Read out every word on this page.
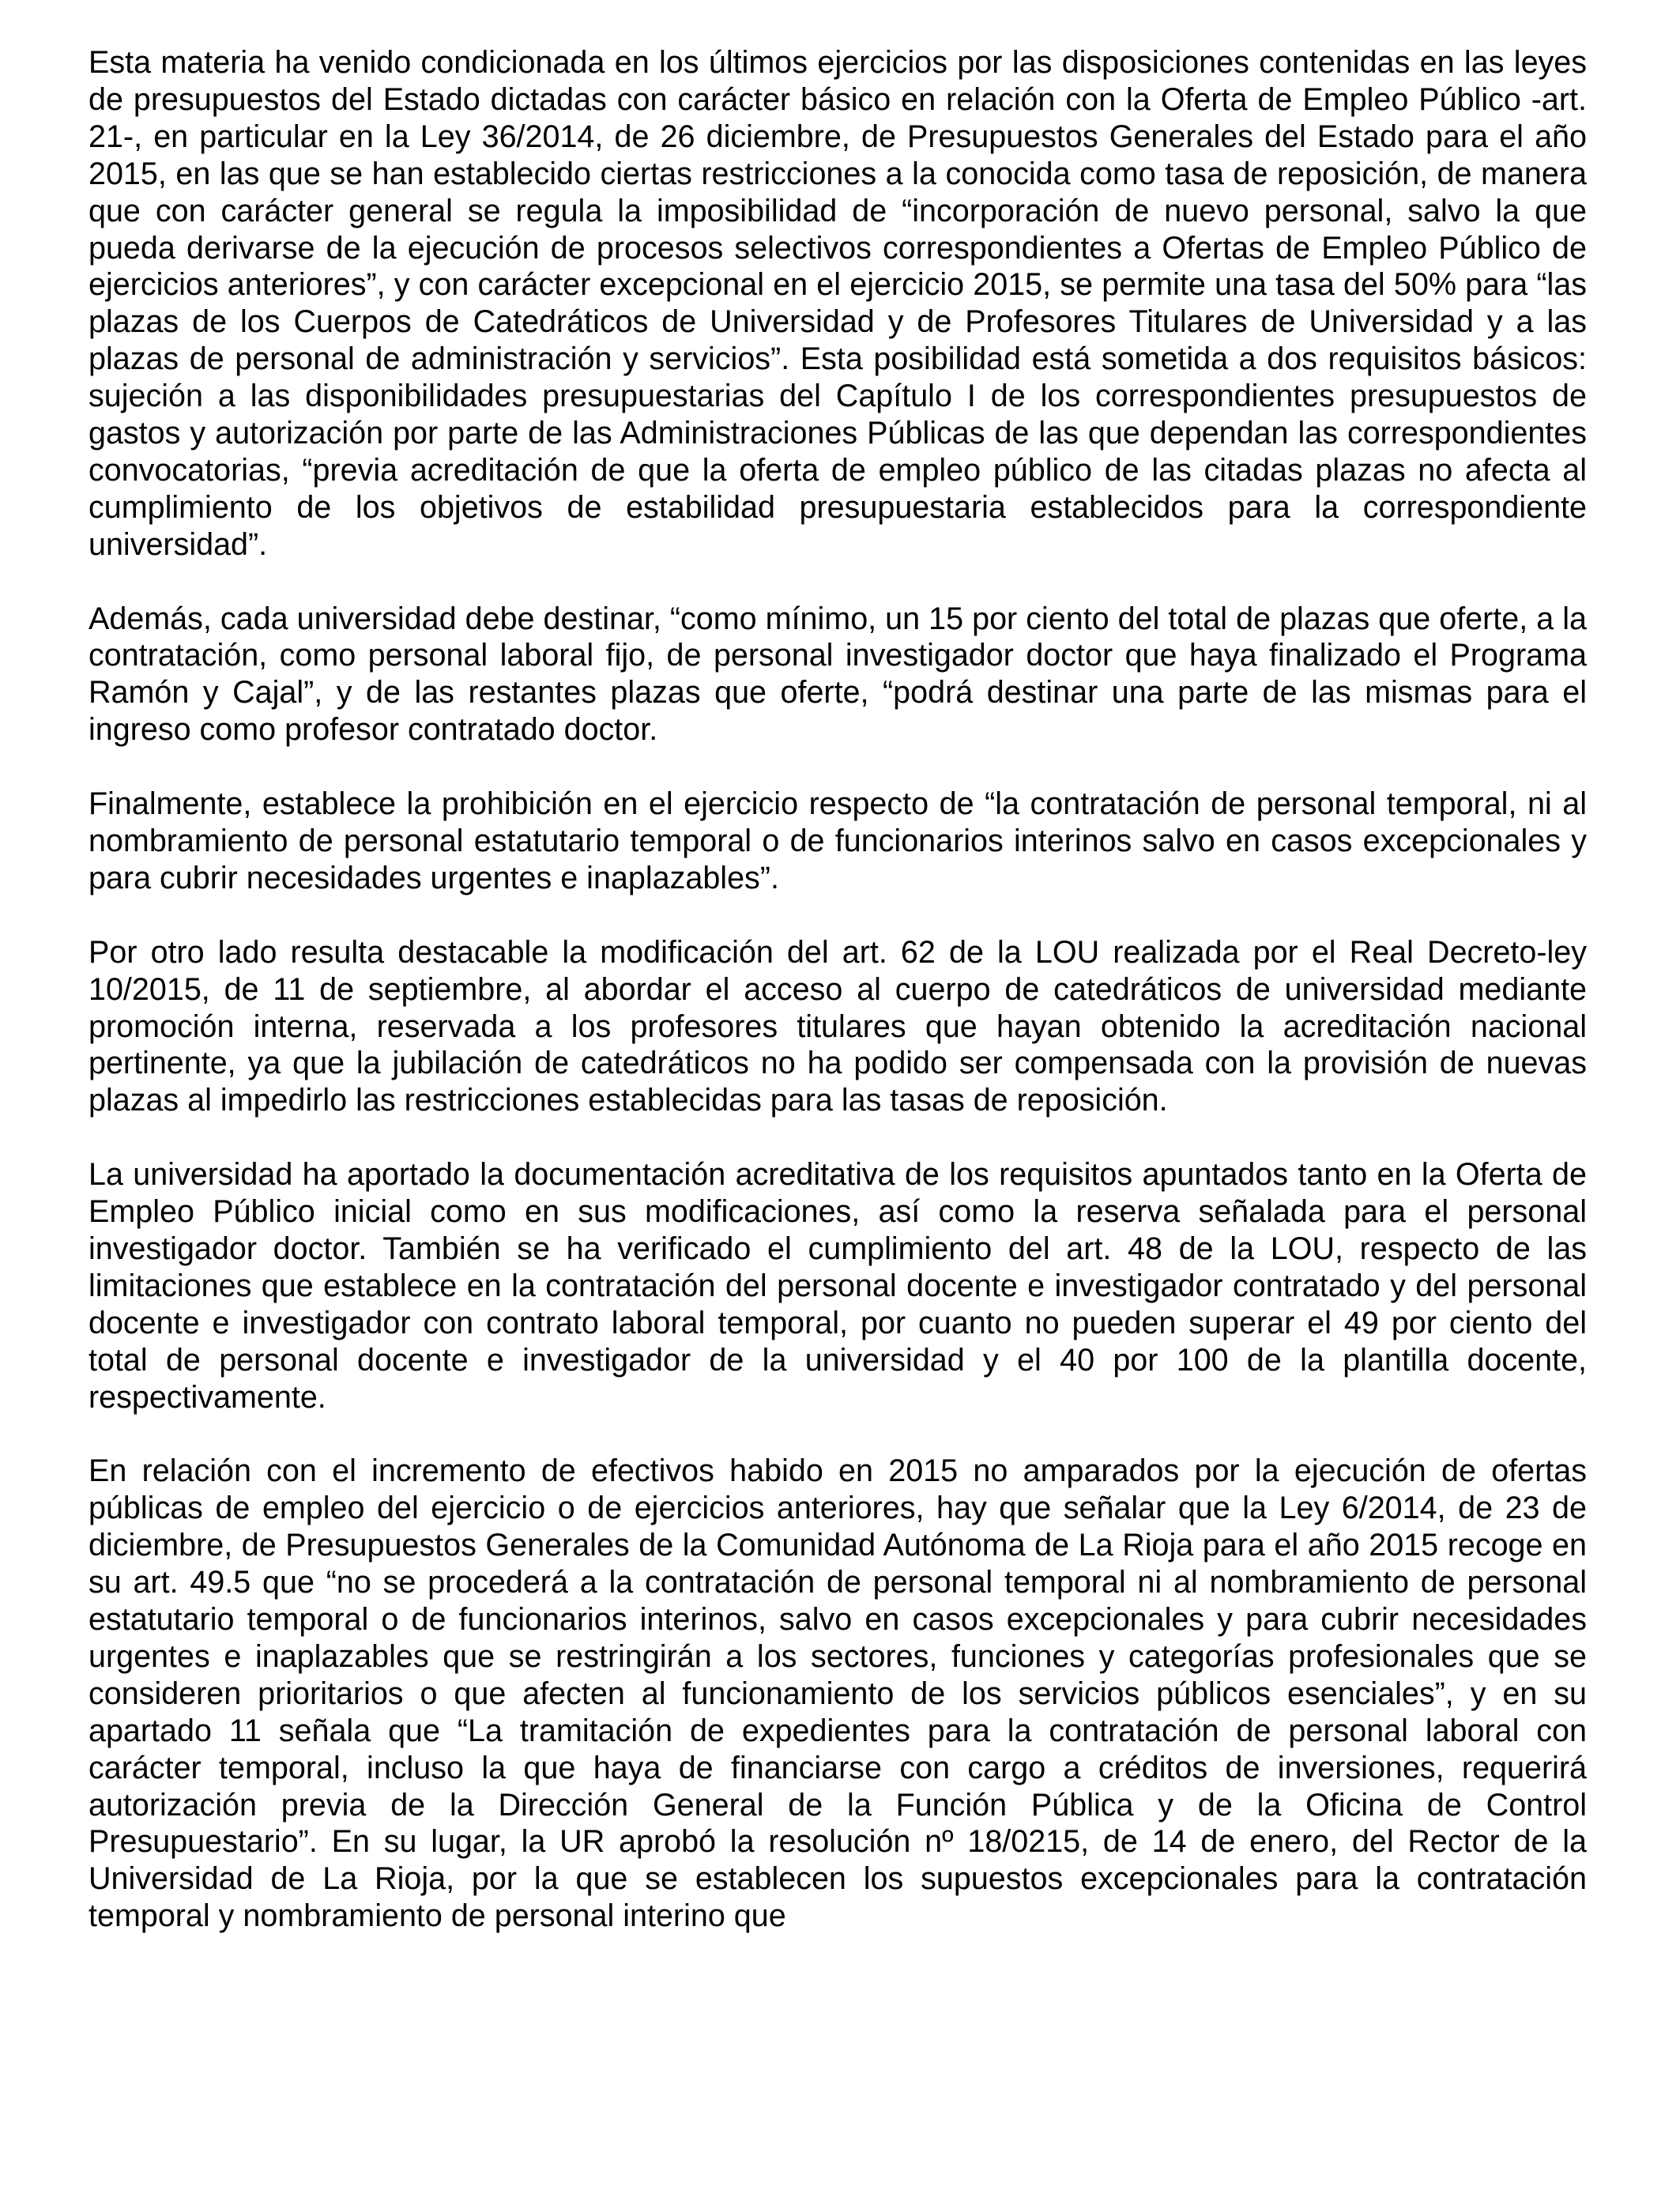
Esta materia ha venido condicionada en los últimos ejercicios por las disposiciones contenidas en las leyes de presupuestos del Estado dictadas con carácter básico en relación con la Oferta de Empleo Público -art. 21-, en particular en la Ley 36/2014, de 26 diciembre, de Presupuestos Generales del Estado para el año 2015, en las que se han establecido ciertas restricciones a la conocida como tasa de reposición, de manera que con carácter general se regula la imposibilidad de “incorporación de nuevo personal, salvo la que pueda derivarse de la ejecución de procesos selectivos correspondientes a Ofertas de Empleo Público de ejercicios anteriores”, y con carácter excepcional en el ejercicio 2015, se permite una tasa del 50% para “las plazas de los Cuerpos de Catedráticos de Universidad y de Profesores Titulares de Universidad y a las plazas de personal de administración y servicios”. Esta posibilidad está sometida a dos requisitos básicos: sujeción a las disponibilidades presupuestarias del Capítulo I de los correspondientes presupuestos de gastos y autorización por parte de las Administraciones Públicas de las que dependan las correspondientes convocatorias, “previa acreditación de que la oferta de empleo público de las citadas plazas no afecta al cumplimiento de los objetivos de estabilidad presupuestaria establecidos para la correspondiente universidad”.

Además, cada universidad debe destinar, “como mínimo, un 15 por ciento del total de plazas que oferte, a la contratación, como personal laboral fijo, de personal investigador doctor que haya finalizado el Programa Ramón y Cajal”, y de las restantes plazas que oferte, “podrá destinar una parte de las mismas para el ingreso como profesor contratado doctor.

Finalmente, establece la prohibición en el ejercicio respecto de “la contratación de personal temporal, ni al nombramiento de personal estatutario temporal o de funcionarios interinos salvo en casos excepcionales y para cubrir necesidades urgentes e inaplazables”.

Por otro lado resulta destacable la modificación del art. 62 de la LOU realizada por el Real Decreto-ley 10/2015, de 11 de septiembre, al abordar el acceso al cuerpo de catedráticos de universidad mediante promoción interna, reservada a los profesores titulares que hayan obtenido la acreditación nacional pertinente, ya que la jubilación de catedráticos no ha podido ser compensada con la provisión de nuevas plazas al impedirlo las restricciones establecidas para las tasas de reposición.

La universidad ha aportado la documentación acreditativa de los requisitos apuntados tanto en la Oferta de Empleo Público inicial como en sus modificaciones, así como la reserva señalada para el personal investigador doctor. También se ha verificado el cumplimiento del art. 48 de la LOU, respecto de las limitaciones que establece en la contratación del personal docente e investigador contratado y del personal docente e investigador con contrato laboral temporal, por cuanto no pueden superar el 49 por ciento del total de personal docente e investigador de la universidad y el 40 por 100 de la plantilla docente, respectivamente.

En relación con el incremento de efectivos habido en 2015 no amparados por la ejecución de ofertas públicas de empleo del ejercicio o de ejercicios anteriores, hay que señalar que la Ley 6/2014, de 23 de diciembre, de Presupuestos Generales de la Comunidad Autónoma de La Rioja para el año 2015 recoge en su art. 49.5 que “no se procederá a la contratación de personal temporal ni al nombramiento de personal estatutario temporal o de funcionarios interinos, salvo en casos excepcionales y para cubrir necesidades urgentes e inaplazables que se restringirán a los sectores, funciones y categorías profesionales que se consideren prioritarios o que afecten al funcionamiento de los servicios públicos esenciales”, y en su apartado 11 señala que “La tramitación de expedientes para la contratación de personal laboral con carácter temporal, incluso la que haya de financiarse con cargo a créditos de inversiones, requerirá autorización previa de la Dirección General de la Función Pública y de la Oficina de Control Presupuestario”. En su lugar, la UR aprobó la resolución nº 18/0215, de 14 de enero, del Rector de la Universidad de La Rioja, por la que se establecen los supuestos excepcionales para la contratación temporal y nombramiento de personal interino que
